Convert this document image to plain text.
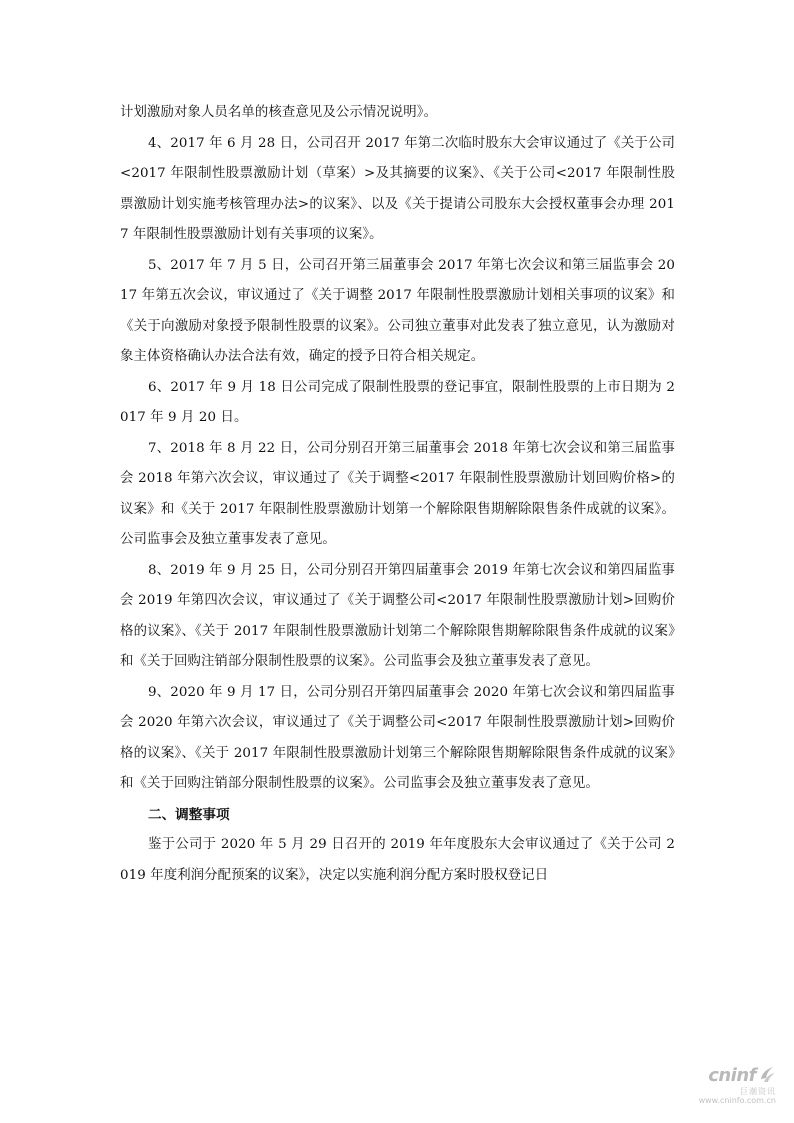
计划激励对象人员名单的核查意见及公示情况说明》。

4、2017 年 6 月 28 日，公司召开 2017 年第二次临时股东大会审议通过了《关于公司<2017 年限制性股票激励计划（草案）>及其摘要的议案》、《关于公司<2017 年限制性股票激励计划实施考核管理办法>的议案》、以及《关于提请公司股东大会授权董事会办理 2017 年限制性股票激励计划有关事项的议案》。

5、2017 年 7 月 5 日，公司召开第三届董事会 2017 年第七次会议和第三届监事会 2017 年第五次会议，审议通过了《关于调整 2017 年限制性股票激励计划相关事项的议案》和《关于向激励对象授予限制性股票的议案》。公司独立董事对此发表了独立意见，认为激励对象主体资格确认办法合法有效，确定的授予日符合相关规定。

6、2017 年 9 月 18 日公司完成了限制性股票的登记事宜，限制性股票的上市日期为 2017 年 9 月 20 日。

7、2018 年 8 月 22 日，公司分别召开第三届董事会 2018 年第七次会议和第三届监事会 2018 年第六次会议，审议通过了《关于调整<2017 年限制性股票激励计划回购价格>的议案》和《关于 2017 年限制性股票激励计划第一个解除限售期解除限售条件成就的议案》。公司监事会及独立董事发表了意见。

8、2019 年 9 月 25 日，公司分别召开第四届董事会 2019 年第七次会议和第四届监事会 2019 年第四次会议，审议通过了《关于调整公司<2017 年限制性股票激励计划>回购价格的议案》、《关于 2017 年限制性股票激励计划第二个解除限售期解除限售条件成就的议案》和《关于回购注销部分限制性股票的议案》。公司监事会及独立董事发表了意见。

9、2020 年 9 月 17 日，公司分别召开第四届董事会 2020 年第七次会议和第四届监事会 2020 年第六次会议，审议通过了《关于调整公司<2017 年限制性股票激励计划>回购价格的议案》、《关于 2017 年限制性股票激励计划第三个解除限售期解除限售条件成就的议案》和《关于回购注销部分限制性股票的议案》。公司监事会及独立董事发表了意见。

二、调整事项

鉴于公司于 2020 年 5 月 29 日召开的 2019 年年度股东大会审议通过了《关于公司 2019 年度利润分配预案的议案》，决定以实施利润分配方案时股权登记日

cninf
巨潮资讯
www.cninfo.com.cn
